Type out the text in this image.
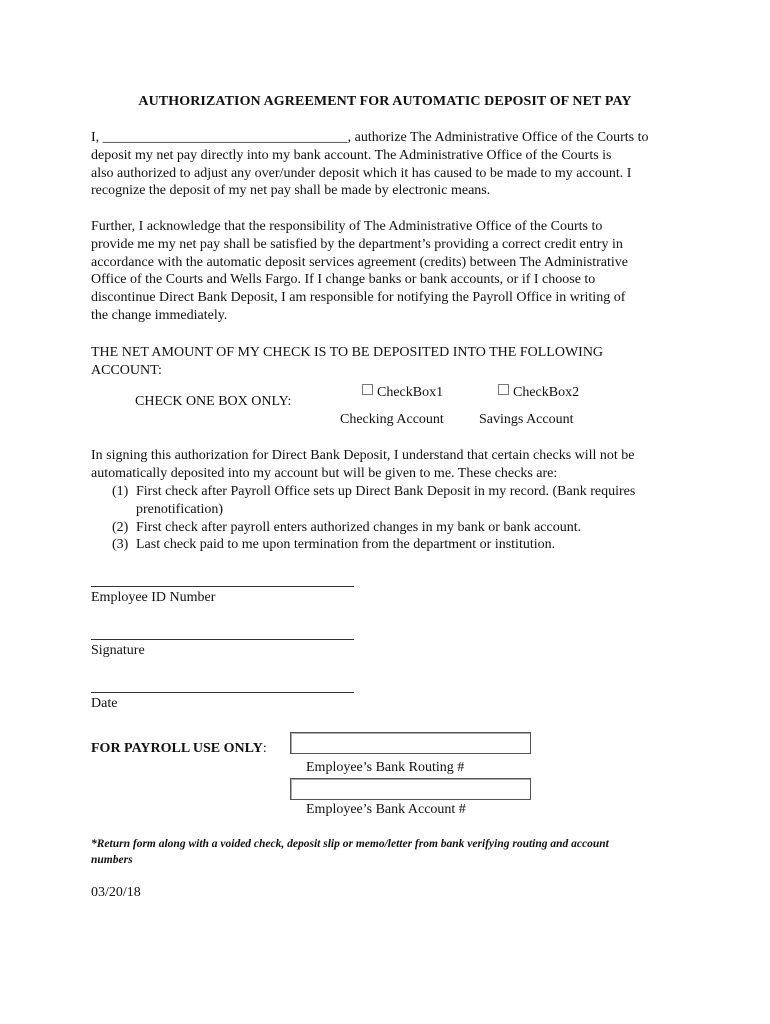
AUTHORIZATION AGREEMENT FOR AUTOMATIC DEPOSIT OF NET PAY
I, ___________________________________, authorize The Administrative Office of the Courts to
deposit my net pay directly into my bank account. The Administrative Office of the Courts is
also authorized to adjust any over/under deposit which it has caused to be made to my account. I
recognize the deposit of my net pay shall be made by electronic means.
Further, I acknowledge that the responsibility of The Administrative Office of the Courts to
provide me my net pay shall be satisfied by the department’s providing a correct credit entry in
accordance with the automatic deposit services agreement (credits) between The Administrative
Office of the Courts and Wells Fargo. If I change banks or bank accounts, or if I choose to
discontinue Direct Bank Deposit, I am responsible for notifying the Payroll Office in writing of
the change immediately.
THE NET AMOUNT OF MY CHECK IS TO BE DEPOSITED INTO THE FOLLOWING
ACCOUNT:
CHECK ONE BOX ONLY:
CheckBox1	CheckBox2
Checking Account	Savings Account
In signing this authorization for Direct Bank Deposit, I understand that certain checks will not be
automatically deposited into my account but will be given to me. These checks are:
(1) First check after Payroll Office sets up Direct Bank Deposit in my record. (Bank requires
prenotification)
(2) First check after payroll enters authorized changes in my bank or bank account.
(3) Last check paid to me upon termination from the department or institution.
Employee ID Number
Signature
Date
FOR PAYROLL USE ONLY:
Employee’s Bank Routing #
Employee’s Bank Account #
*Return form along with a voided check, deposit slip or memo/letter from bank verifying routing and account
numbers
03/20/18
